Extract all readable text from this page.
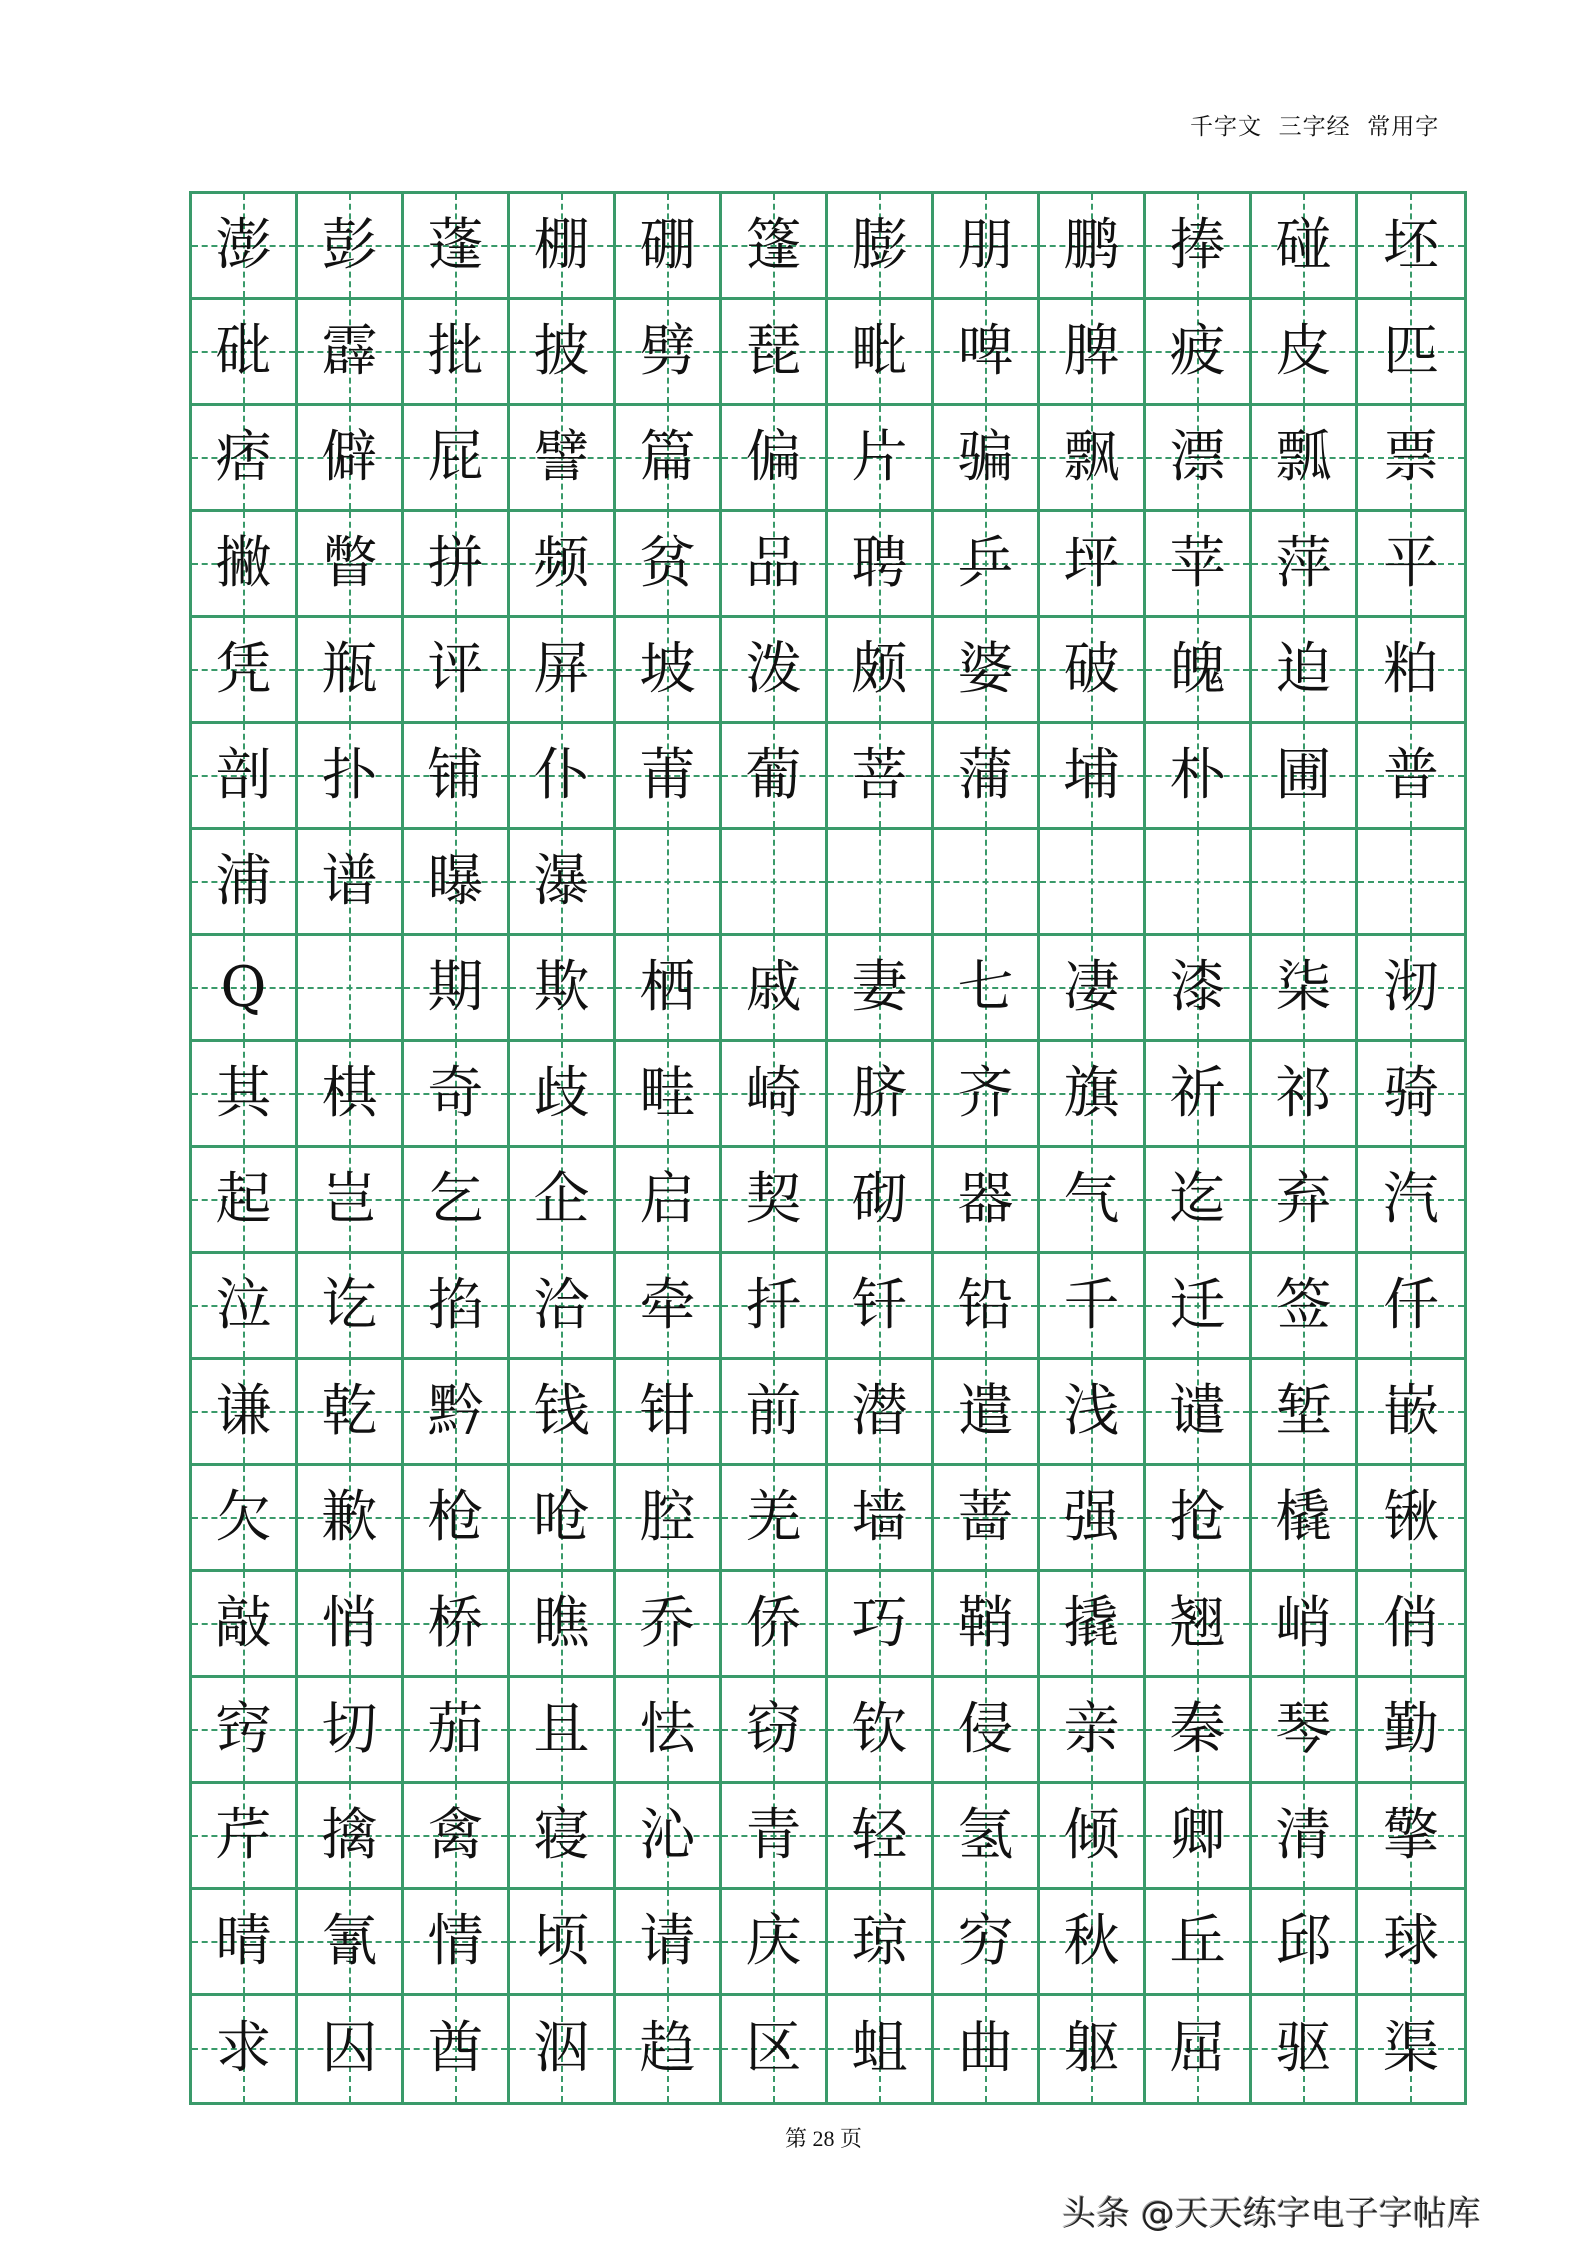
千字文  三字经  常用字
澎 彭 蓬 棚 硼 篷 膨 朋 鹏 捧 碰 坯
砒 霹 批 披 劈 琵 毗 啤 脾 疲 皮 匹
痞 僻 屁 譬 篇 偏 片 骗 飘 漂 瓢 票
撇 瞥 拼 频 贫 品 聘 乒 坪 苹 萍 平
凭 瓶 评 屏 坡 泼 颇 婆 破 魄 迫 粕
剖 扑 铺 仆 莆 葡 菩 蒲 埔 朴 圃 普
浦 谱 曝 瀑
Q	期 欺 栖 戚 妻 七 凄 漆 柒 沏
其 棋 奇 歧 畦 崎 脐 齐 旗 祈 祁 骑
起 岂 乞 企 启 契 砌 器 气 迄 弃 汽
泣 讫 掐 洽 牵 扦 钎 铅 千 迁 签 仟
谦 乾 黔 钱 钳 前 潜 遣 浅 谴 堑 嵌
欠 歉 枪 呛 腔 羌 墙 蔷 强 抢 橇 锹
敲 悄 桥 瞧 乔 侨 巧 鞘 撬 翘 峭 俏
窍 切 茄 且 怯 窃 钦 侵 亲 秦 琴 勤
芹 擒 禽 寝 沁 青 轻 氢 倾 卿 清 擎
晴 氰 情 顷 请 庆 琼 穷 秋 丘 邱 球
求 囚 酋 泅 趋 区 蛆 曲 躯 屈 驱 渠
第 28 页
头条 @天天练字电子字帖库
